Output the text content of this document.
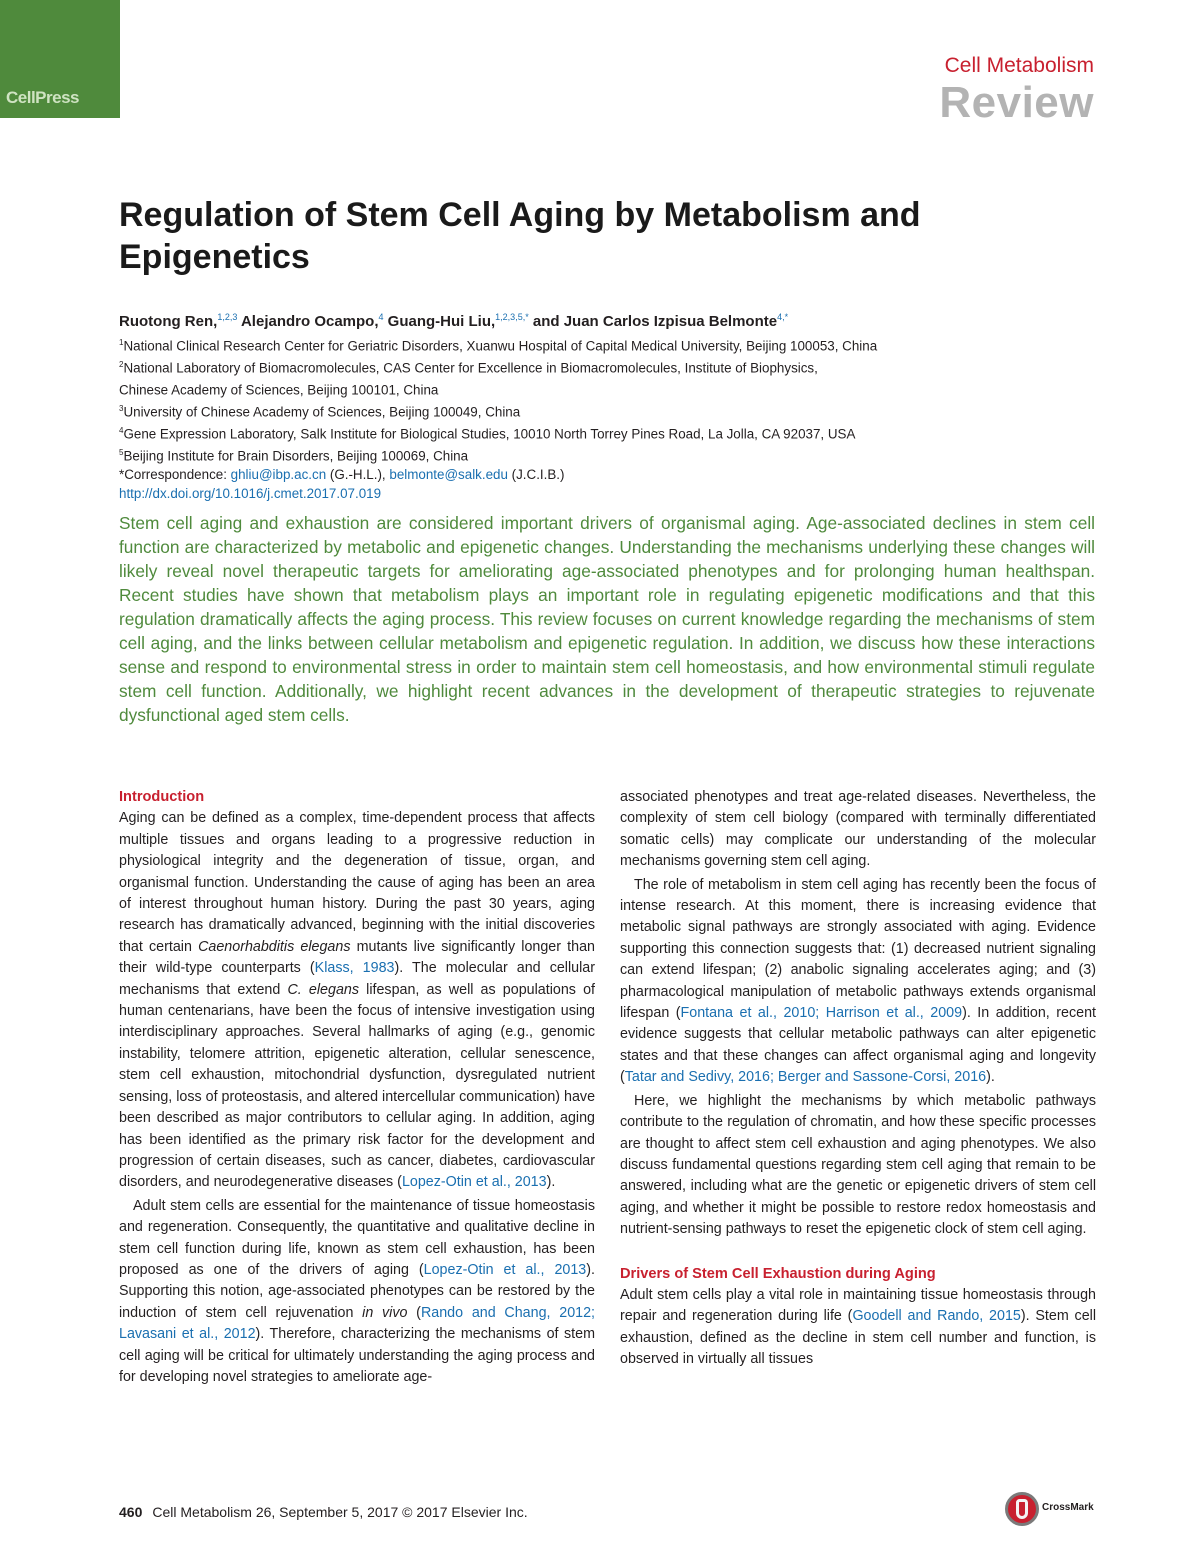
CellPress
Cell Metabolism
Review
Regulation of Stem Cell Aging by Metabolism and Epigenetics
Ruotong Ren,$^{1,2,3}$ Alejandro Ocampo,$^4$ Guang-Hui Liu,$^{1,2,3,5,*}$ and Juan Carlos Izpisua Belmonte$^{4,*}$
$^1$National Clinical Research Center for Geriatric Disorders, Xuanwu Hospital of Capital Medical University, Beijing 100053, China
$^2$National Laboratory of Biomacromolecules, CAS Center for Excellence in Biomacromolecules, Institute of Biophysics,
Chinese Academy of Sciences, Beijing 100101, China
$^3$University of Chinese Academy of Sciences, Beijing 100049, China
$^4$Gene Expression Laboratory, Salk Institute for Biological Studies, 10010 North Torrey Pines Road, La Jolla, CA 92037, USA
$^5$Beijing Institute for Brain Disorders, Beijing 100069, China
*Correspondence: ghliu@ibp.ac.cn (G.-H.L.), belmonte@salk.edu (J.C.I.B.)
http://dx.doi.org/10.1016/j.cmet.2017.07.019

Stem cell aging and exhaustion are considered important drivers of organismal aging. Age-associated declines in stem cell function are characterized by metabolic and epigenetic changes. Understanding the mechanisms underlying these changes will likely reveal novel therapeutic targets for ameliorating age-associated phenotypes and for prolonging human healthspan. Recent studies have shown that metabolism plays an important role in regulating epigenetic modifications and that this regulation dramatically affects the aging process. This review focuses on current knowledge regarding the mechanisms of stem cell aging, and the links between cellular metabolism and epigenetic regulation. In addition, we discuss how these interactions sense and respond to environmental stress in order to maintain stem cell homeostasis, and how environmental stimuli regulate stem cell function. Additionally, we highlight recent advances in the development of therapeutic strategies to rejuvenate dysfunctional aged stem cells.

Introduction

Aging can be defined as a complex, time-dependent process that affects multiple tissues and organs leading to a progressive reduction in physiological integrity and the degeneration of tissue, organ, and organismal function. Understanding the cause of aging has been an area of interest throughout human history. During the past 30 years, aging research has dramatically advanced, beginning with the initial discoveries that certain Caenorhabditis elegans mutants live significantly longer than their wild-type counterparts (Klass, 1983). The molecular and cellular mechanisms that extend C. elegans lifespan, as well as populations of human centenarians, have been the focus of intensive investigation using interdisciplinary approaches. Several hallmarks of aging (e.g., genomic instability, telomere attrition, epigenetic alteration, cellular senescence, stem cell exhaustion, mitochondrial dysfunction, dysregulated nutrient sensing, loss of proteostasis, and altered intercellular communication) have been described as major contributors to cellular aging. In addition, aging has been identified as the primary risk factor for the development and progression of certain diseases, such as cancer, diabetes, cardiovascular disorders, and neurodegenerative diseases (Lopez-Otin et al., 2013).

Adult stem cells are essential for the maintenance of tissue homeostasis and regeneration. Consequently, the quantitative and qualitative decline in stem cell function during life, known as stem cell exhaustion, has been proposed as one of the drivers of aging (Lopez-Otin et al., 2013). Supporting this notion, age-associated phenotypes can be restored by the induction of stem cell rejuvenation in vivo (Rando and Chang, 2012; Lavasani et al., 2012). Therefore, characterizing the mechanisms of stem cell aging will be critical for ultimately understanding the aging process and for developing novel strategies to ameliorate age-

associated phenotypes and treat age-related diseases. Nevertheless, the complexity of stem cell biology (compared with terminally differentiated somatic cells) may complicate our understanding of the molecular mechanisms governing stem cell aging.

The role of metabolism in stem cell aging has recently been the focus of intense research. At this moment, there is increasing evidence that metabolic signal pathways are strongly associated with aging. Evidence supporting this connection suggests that: (1) decreased nutrient signaling can extend lifespan; (2) anabolic signaling accelerates aging; and (3) pharmacological manipulation of metabolic pathways extends organismal lifespan (Fontana et al., 2010; Harrison et al., 2009). In addition, recent evidence suggests that cellular metabolic pathways can alter epigenetic states and that these changes can affect organismal aging and longevity (Tatar and Sedivy, 2016; Berger and Sassone-Corsi, 2016).

Here, we highlight the mechanisms by which metabolic pathways contribute to the regulation of chromatin, and how these specific processes are thought to affect stem cell exhaustion and aging phenotypes. We also discuss fundamental questions regarding stem cell aging that remain to be answered, including what are the genetic or epigenetic drivers of stem cell aging, and whether it might be possible to restore redox homeostasis and nutrient-sensing pathways to reset the epigenetic clock of stem cell aging.

Drivers of Stem Cell Exhaustion during Aging

Adult stem cells play a vital role in maintaining tissue homeostasis through repair and regeneration during life (Goodell and Rando, 2015). Stem cell exhaustion, defined as the decline in stem cell number and function, is observed in virtually all tissues

460 Cell Metabolism 26, September 5, 2017 © 2017 Elsevier Inc.	CrossMark
